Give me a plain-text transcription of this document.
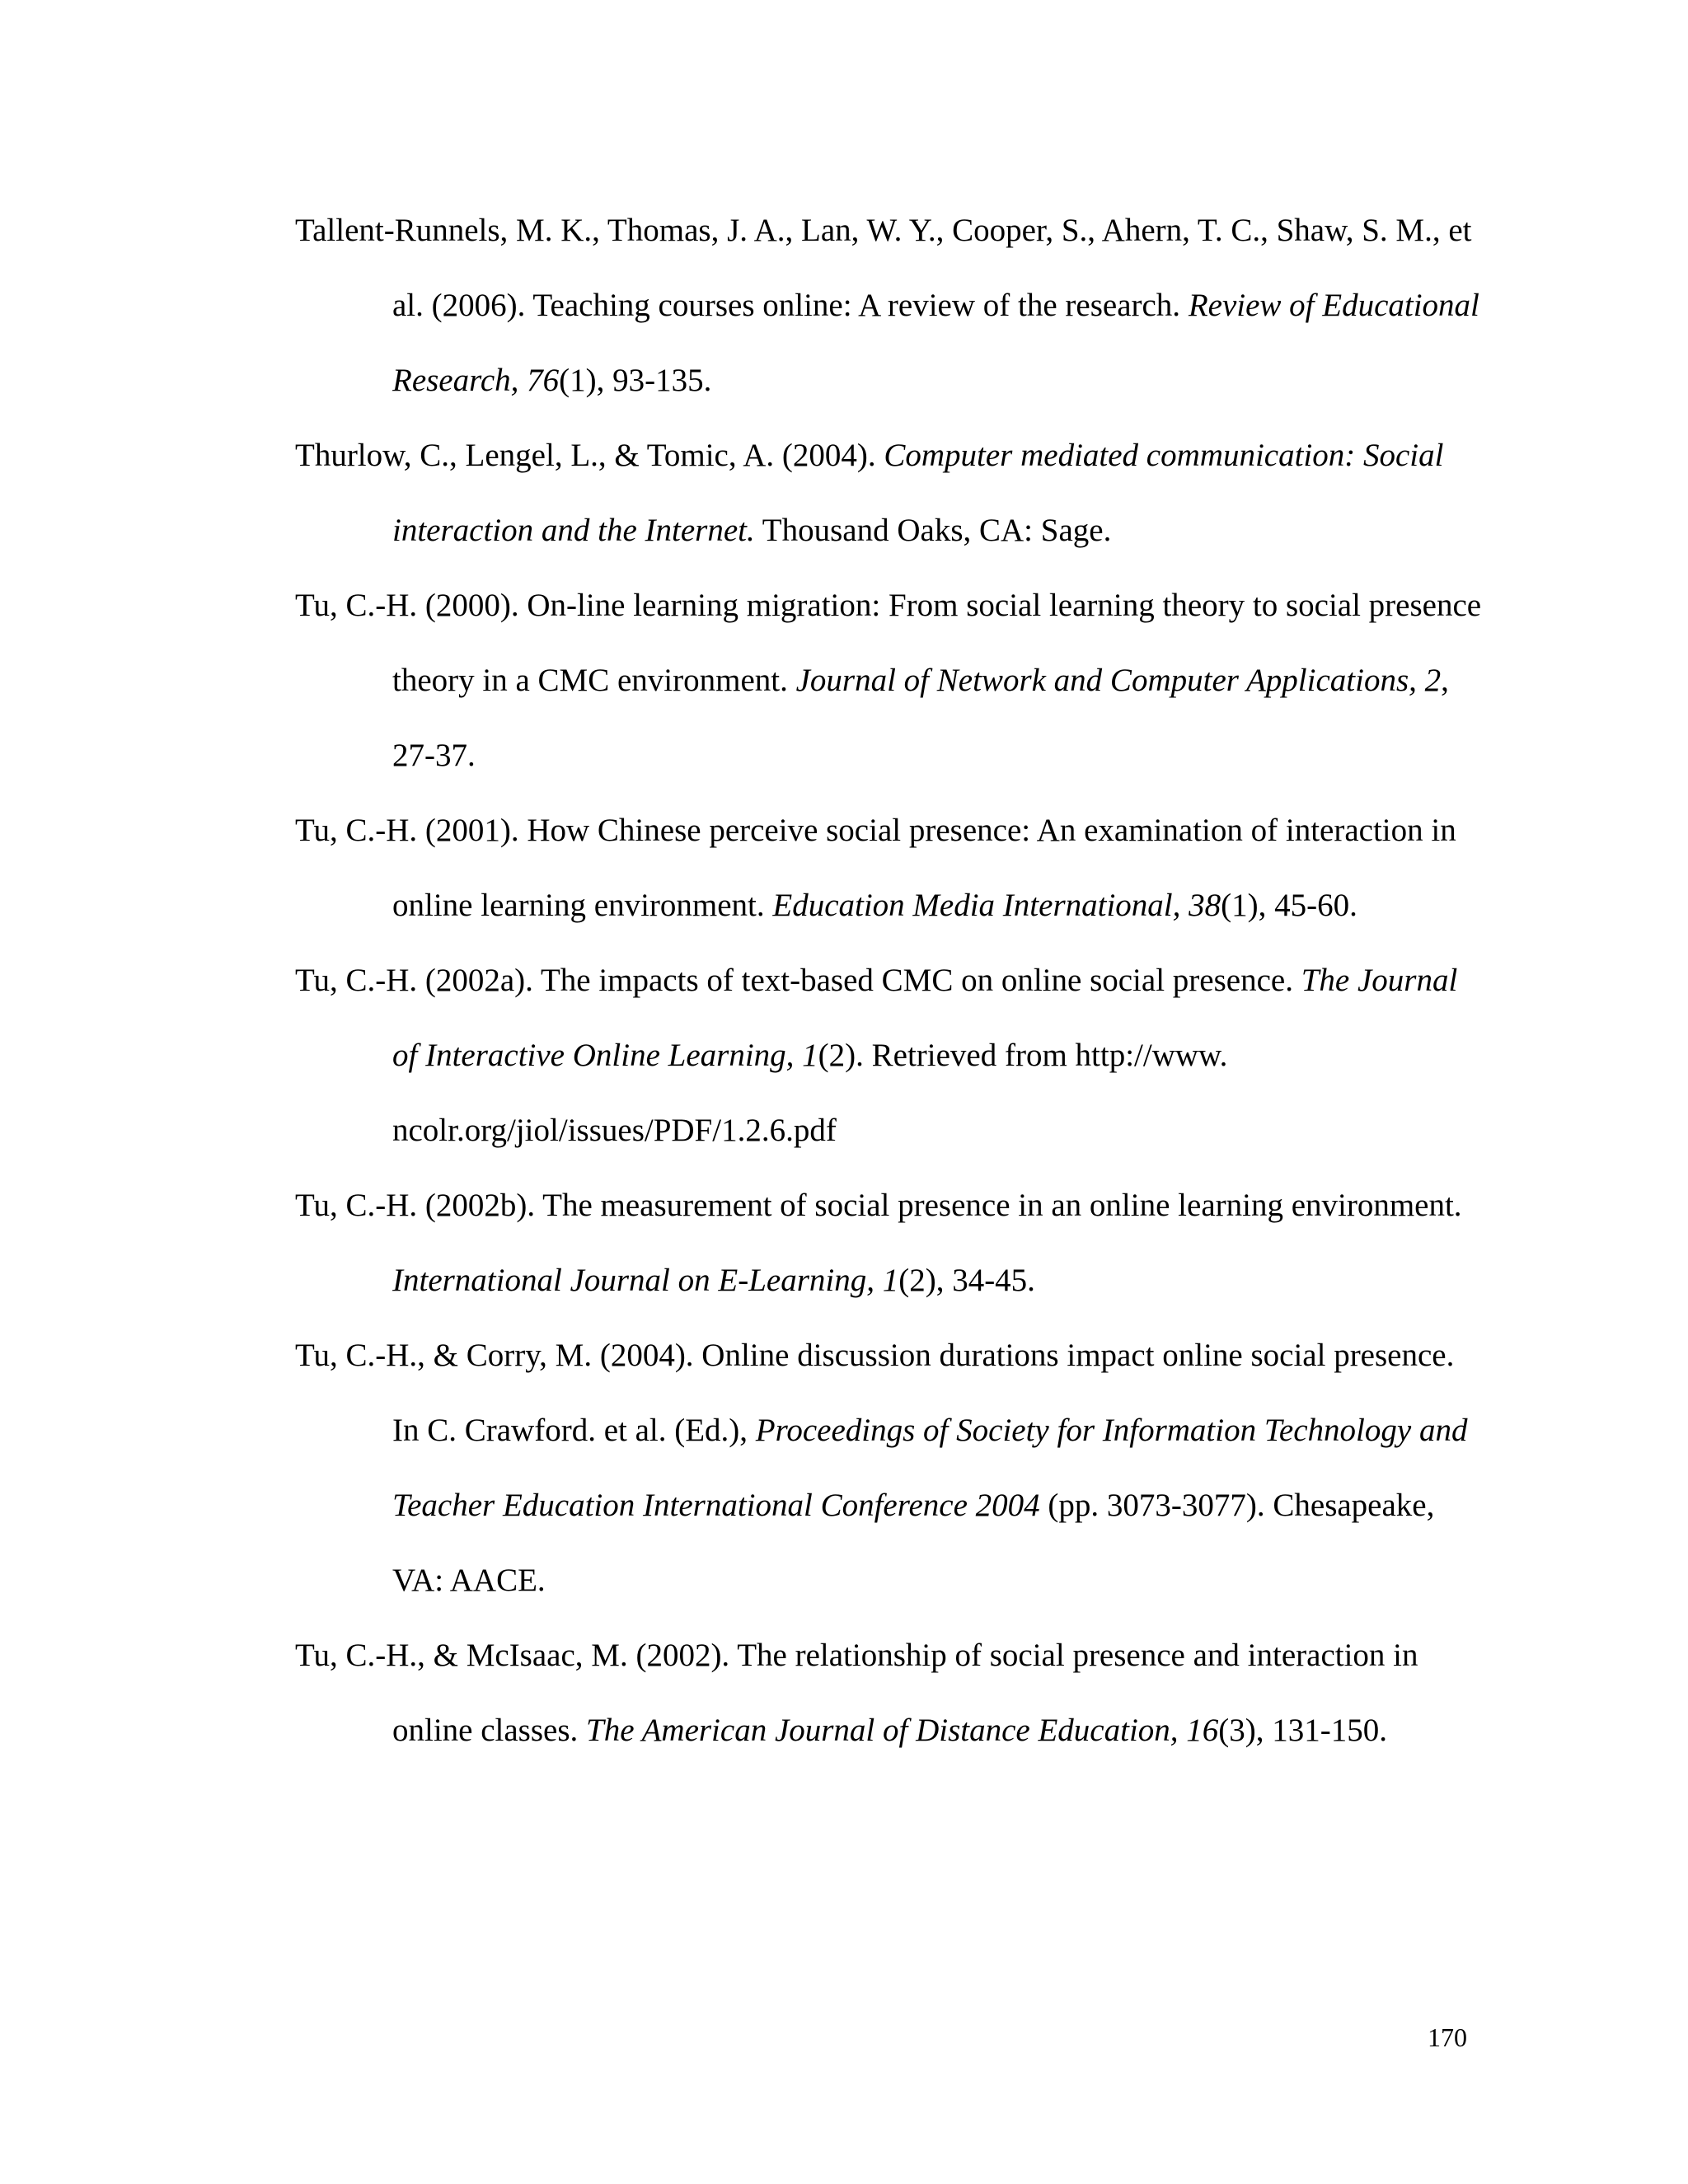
Tallent-Runnels, M. K., Thomas, J. A., Lan, W. Y., Cooper, S., Ahern, T. C., Shaw, S. M., et al. (2006). Teaching courses online: A review of the research. Review of Educational Research, 76(1), 93-135.

Thurlow, C., Lengel, L., & Tomic, A. (2004). Computer mediated communication: Social interaction and the Internet. Thousand Oaks, CA: Sage.

Tu, C.-H. (2000). On-line learning migration: From social learning theory to social presence theory in a CMC environment. Journal of Network and Computer Applications, 2, 27-37.

Tu, C.-H. (2001). How Chinese perceive social presence: An examination of interaction in online learning environment. Education Media International, 38(1), 45-60.

Tu, C.-H. (2002a). The impacts of text-based CMC on online social presence. The Journal of Interactive Online Learning, 1(2). Retrieved from http://www. ncolr.org/jiol/issues/PDF/1.2.6.pdf

Tu, C.-H. (2002b). The measurement of social presence in an online learning environment. International Journal on E-Learning, 1(2), 34-45.

Tu, C.-H., & Corry, M. (2004). Online discussion durations impact online social presence. In C. Crawford. et al. (Ed.), Proceedings of Society for Information Technology and Teacher Education International Conference 2004 (pp. 3073-3077). Chesapeake, VA: AACE.

Tu, C.-H., & McIsaac, M. (2002). The relationship of social presence and interaction in online classes. The American Journal of Distance Education, 16(3), 131-150.

170
